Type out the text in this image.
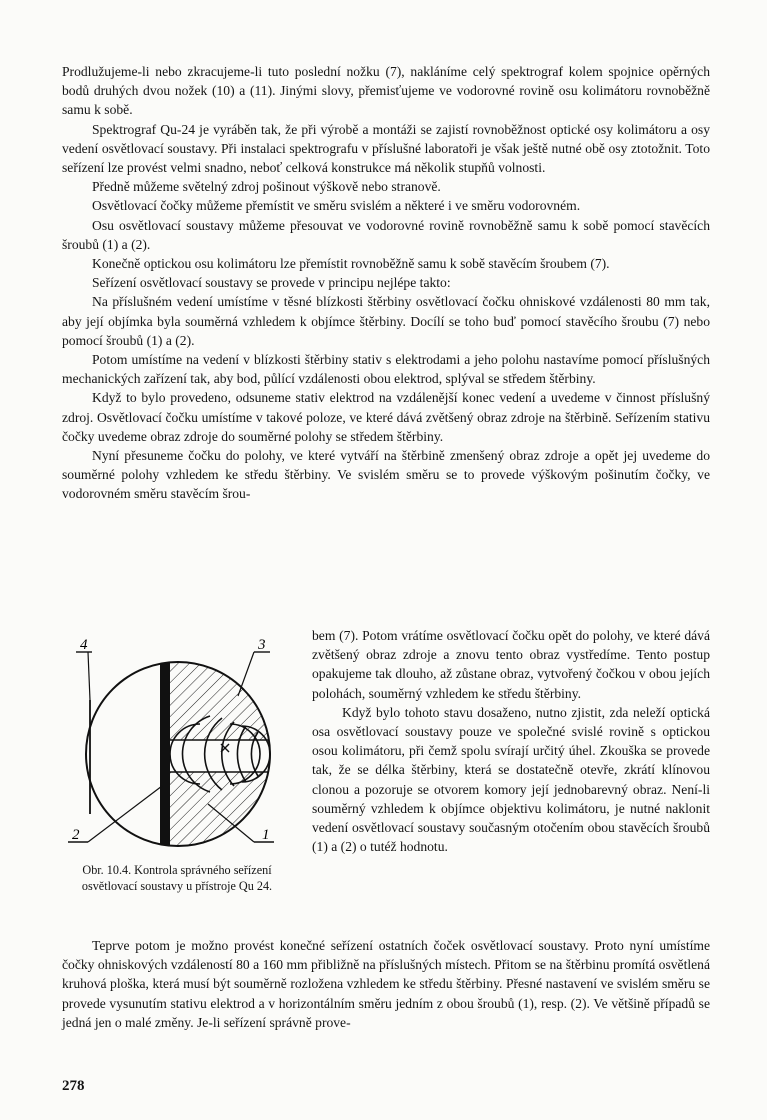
Prodlužujeme-li nebo zkracujeme-li tuto poslední nožku (7), nakláníme celý spektrograf kolem spojnice opěrných bodů druhých dvou nožek (10) a (11). Jinými slovy, přemisťujeme ve vodorovné rovině osu kolimátoru rovnoběžně samu k sobě.

Spektrograf Qu-24 je vyráběn tak, že při výrobě a montáži se zajistí rovnoběžnost optické osy kolimátoru a osy vedení osvětlovací soustavy. Při instalaci spektrografu v příslušné laboratoři je však ještě nutné obě osy ztotožnit. Toto seřízení lze provést velmi snadno, neboť celková konstrukce má několik stupňů volnosti.

Předně můžeme světelný zdroj pošinout výškově nebo stranově.

Osvětlovací čočky můžeme přemístit ve směru svislém a některé i ve směru vodorovném.

Osu osvětlovací soustavy můžeme přesouvat ve vodorovné rovině rovnoběžně samu k sobě pomocí stavěcích šroubů (1) a (2).

Konečně optickou osu kolimátoru lze přemístit rovnoběžně samu k sobě stavěcím šroubem (7).

Seřízení osvětlovací soustavy se provede v principu nejlépe takto:

Na příslušném vedení umístíme v těsné blízkosti štěrbiny osvětlovací čočku ohniskové vzdálenosti 80 mm tak, aby její objímka byla souměrná vzhledem k objímce štěrbiny. Docílí se toho buď pomocí stavěcího šroubu (7) nebo pomocí šroubů (1) a (2).

Potom umístíme na vedení v blízkosti štěrbiny stativ s elektrodami a jeho polohu nastavíme pomocí příslušných mechanických zařízení tak, aby bod, půlící vzdálenosti obou elektrod, splýval se středem štěrbiny.

Když to bylo provedeno, odsuneme stativ elektrod na vzdálenější konec vedení a uvedeme v činnost příslušný zdroj. Osvětlovací čočku umístíme v takové poloze, ve které dává zvětšený obraz zdroje na štěrbině. Seřízením stativu čočky uvedeme obraz zdroje do souměrné polohy se středem štěrbiny.

Nyní přesuneme čočku do polohy, ve které vytváří na štěrbině zmenšený obraz zdroje a opět jej uvedeme do souměrné polohy vzhledem ke středu štěrbiny. Ve svislém směru se to provede výškovým pošinutím čočky, ve vodorovném směru stavěcím šrou-

4	3
2	1
Obr. 10.4. Kontrola správného seřízení osvětlovací soustavy u přístroje Qu 24.

bem (7). Potom vrátíme osvětlovací čočku opět do polohy, ve které dává zvětšený obraz zdroje a znovu tento obraz vystředíme. Tento postup opakujeme tak dlouho, až zůstane obraz, vytvořený čočkou v obou jejích polohách, souměrný vzhledem ke středu štěrbiny.

Když bylo tohoto stavu dosaženo, nutno zjistit, zda neleží optická osa osvětlovací soustavy pouze ve společné svislé rovině s optickou osou kolimátoru, při čemž spolu svírají určitý úhel. Zkouška se provede tak, že se délka štěrbiny, která se dostatečně otevře, zkrátí klínovou clonou a pozoruje se otvorem komory její jednobarevný obraz. Není-li souměrný vzhledem k objímce objektivu kolimátoru, je nutné naklonit vedení osvětlovací soustavy současným otočením obou stavěcích šroubů (1) a (2) o tutéž hodnotu.

Teprve potom je možno provést konečné seřízení ostatních čoček osvětlovací soustavy. Proto nyní umístíme čočky ohniskových vzdáleností 80 a 160 mm přibližně na příslušných místech. Přitom se na štěrbinu promítá osvětlená kruhová ploška, která musí být souměrně rozložena vzhledem ke středu štěrbiny. Přesné nastavení ve svislém směru se provede vysunutím stativu elektrod a v horizontálním směru jedním z obou šroubů (1), resp. (2). Ve většině případů se jedná jen o malé změny. Je-li seřízení správně prove-

278
